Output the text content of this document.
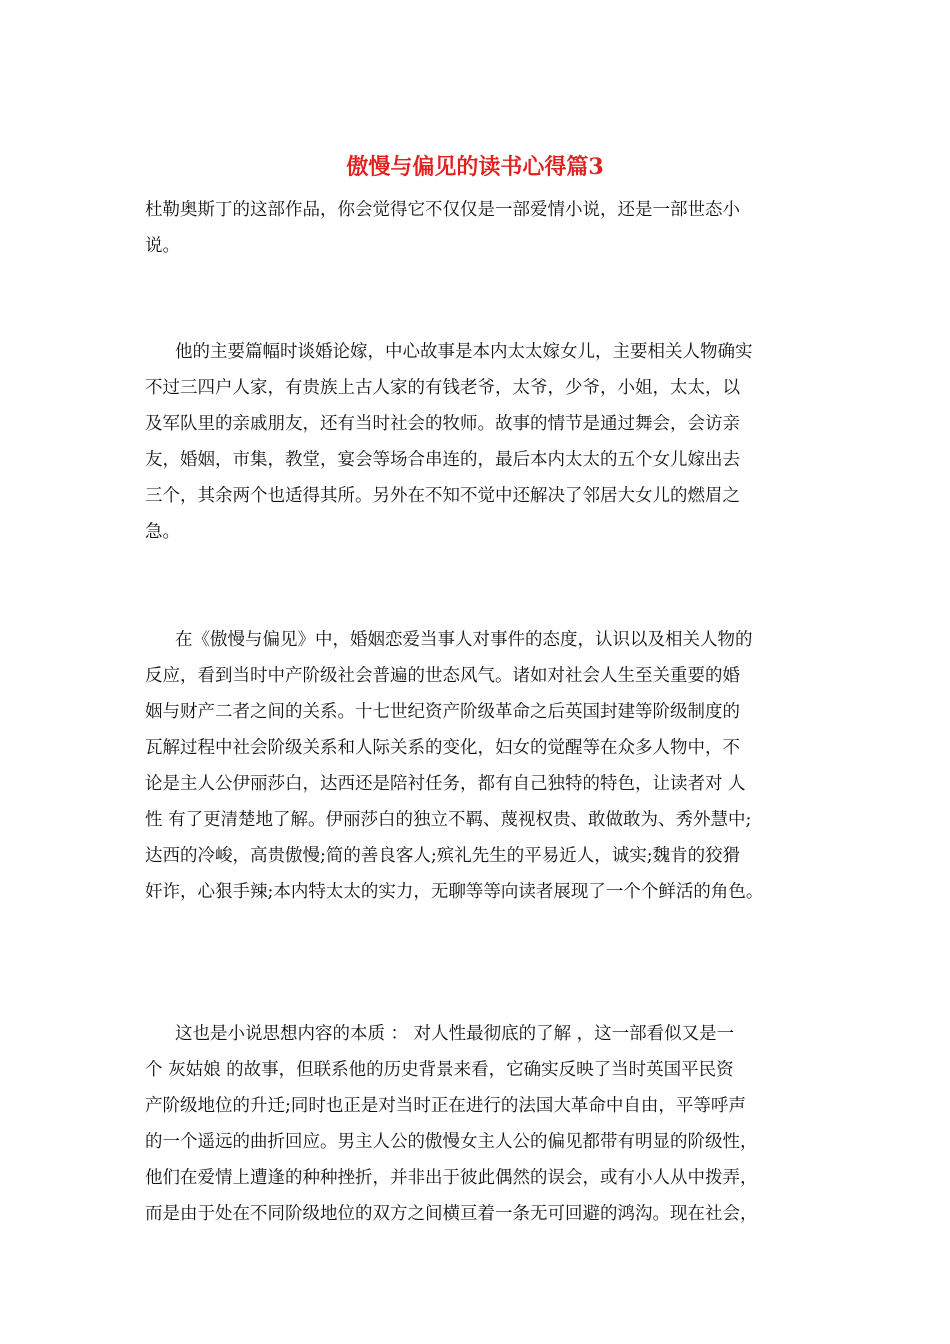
傲慢与偏见的读书心得篇3
杜勒奥斯丁的这部作品，你会觉得它不仅仅是一部爱情小说，还是一部世态小
说。
他的主要篇幅时谈婚论嫁，中心故事是本内太太嫁女儿，主要相关人物确实
不过三四户人家，有贵族上古人家的有钱老爷，太爷，少爷，小姐，太太，以
及军队里的亲戚朋友，还有当时社会的牧师。故事的情节是通过舞会，会访亲
友，婚姻，市集，教堂，宴会等场合串连的，最后本内太太的五个女儿嫁出去
三个，其余两个也适得其所。另外在不知不觉中还解决了邻居大女儿的燃眉之
急。
在《傲慢与偏见》中，婚姻恋爱当事人对事件的态度，认识以及相关人物的
反应，看到当时中产阶级社会普遍的世态风气。诸如对社会人生至关重要的婚
姻与财产二者之间的关系。十七世纪资产阶级革命之后英国封建等阶级制度的
瓦解过程中社会阶级关系和人际关系的变化，妇女的觉醒等在众多人物中，不
论是主人公伊丽莎白，达西还是陪衬任务，都有自己独特的特色，让读者对 人
性 有了更清楚地了解。伊丽莎白的独立不羁、蔑视权贵、敢做敢为、秀外慧中;
达西的冷峻，高贵傲慢;简的善良客人;殡礼先生的平易近人，诚实;魏肯的狡猾
奸诈，心狠手辣;本内特太太的实力，无聊等等向读者展现了一个个鲜活的角色。
这也是小说思想内容的本质 ： 对人性最彻底的了解 ，这一部看似又是一
个 灰姑娘 的故事，但联系他的历史背景来看，它确实反映了当时英国平民资
产阶级地位的升迁;同时也正是对当时正在进行的法国大革命中自由，平等呼声
的一个遥远的曲折回应。男主人公的傲慢女主人公的偏见都带有明显的阶级性，
他们在爱情上遭逢的种种挫折，并非出于彼此偶然的误会，或有小人从中拨弄，
而是由于处在不同阶级地位的双方之间横亘着一条无可回避的鸿沟。现在社会，
